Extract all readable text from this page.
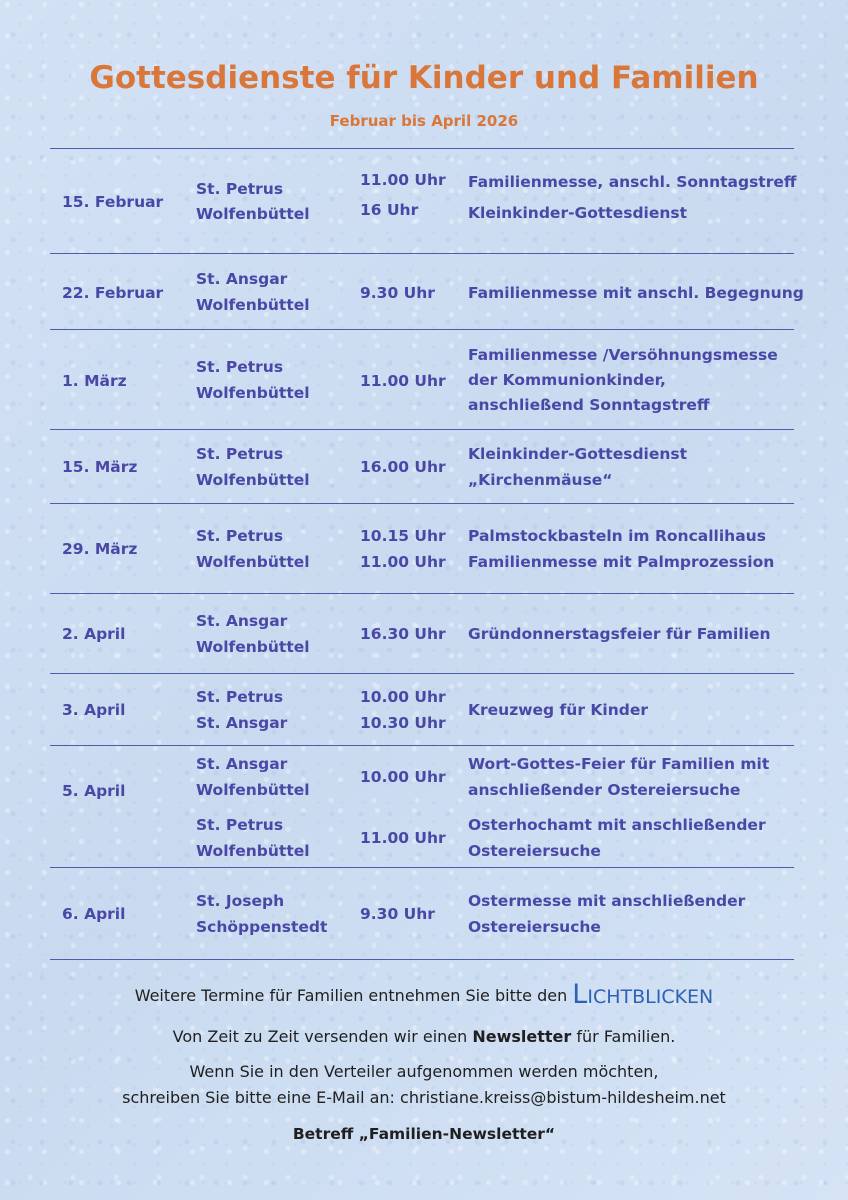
Gottesdienste für Kinder und Familien
Februar bis April 2026
15. Februar
St. Petrus
Wolfenbüttel
11.00 Uhr
16 Uhr
Familienmesse, anschl. Sonntagstreff
Kleinkinder-Gottesdienst
22. Februar
St. Ansgar
Wolfenbüttel
9.30 Uhr Familienmesse mit anschl. Begegnung
1. März
St. Petrus
Wolfenbüttel
11.00 Uhr
Familienmesse /Versöhnungsmesse
der Kommunionkinder,
anschließend Sonntagstreff
15. März
St. Petrus
Wolfenbüttel
16.00 Uhr
Kleinkinder-Gottesdienst
„Kirchenmäuse“
29. März
St. Petrus
Wolfenbüttel
10.15 Uhr
11.00 Uhr
Palmstockbasteln im Roncallihaus
Familienmesse mit Palmprozession
2. April
St. Ansgar
Wolfenbüttel
16.30 Uhr Gründonnerstagsfeier für Familien
3. April
St. Petrus
St. Ansgar
10.00 Uhr
10.30 Uhr
Kreuzweg für Kinder
5. April
St. Ansgar
Wolfenbüttel
10.00 Uhr
Wort-Gottes-Feier für Familien mit
anschließender Ostereiersuche
St. Petrus
Wolfenbüttel
11.00 Uhr
Osterhochamt mit anschließender
Ostereiersuche
6. April
St. Joseph
Schöppenstedt
9.30 Uhr
Ostermesse mit anschließender
Ostereiersuche
Weitere Termine für Familien entnehmen Sie bitte den Lichtblicken
Von Zeit zu Zeit versenden wir einen Newsletter für Familien.
Wenn Sie in den Verteiler aufgenommen werden möchten,
schreiben Sie bitte eine E-Mail an: christiane.kreiss@bistum-hildesheim.net
Betreff „Familien-Newsletter“
